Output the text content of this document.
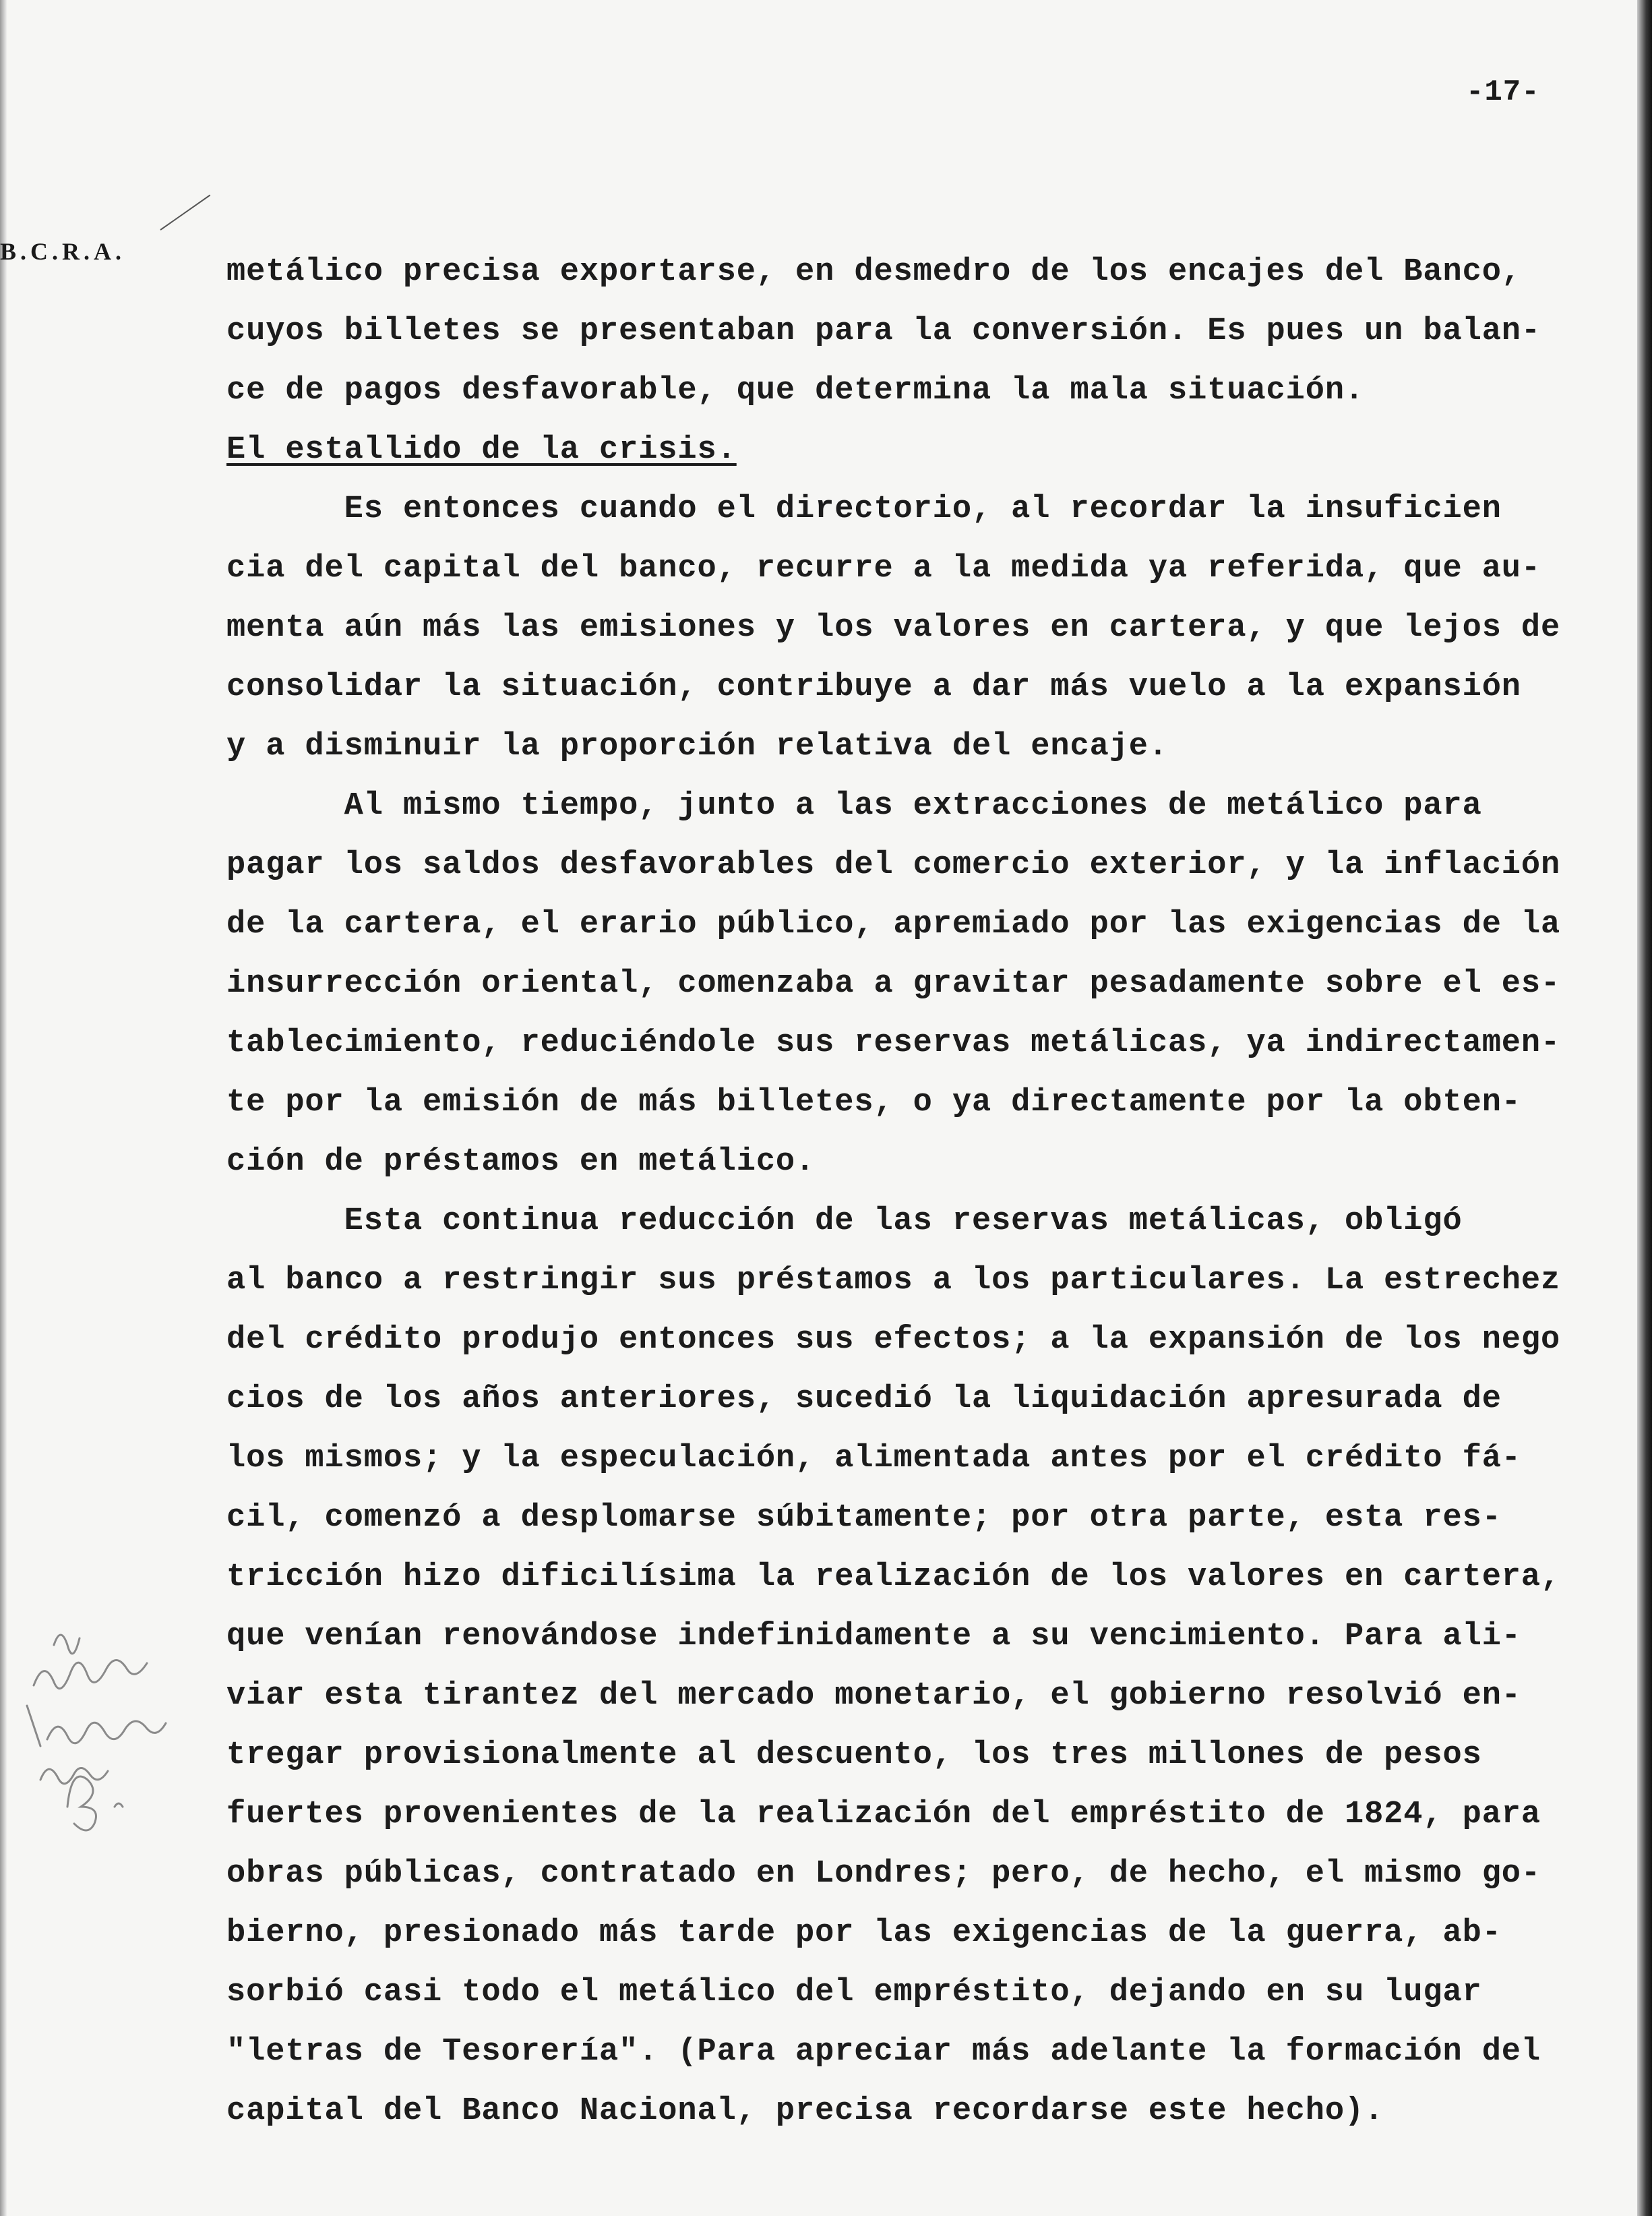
-17-
B.C.R.A.
metálico precisa exportarse, en desmedro de los encajes del Banco,
cuyos billetes se presentaban para la conversión. Es pues un balan-
ce de pagos desfavorable, que determina la mala situación.
El estallido de la crisis.
Es entonces cuando el directorio, al recordar la insuficien
cia del capital del banco, recurre a la medida ya referida, que au-
menta aún más las emisiones y los valores en cartera, y que lejos de
consolidar la situación, contribuye a dar más vuelo a la expansión
y a disminuir la proporción relativa del encaje.
Al mismo tiempo, junto a las extracciones de metálico para
pagar los saldos desfavorables del comercio exterior, y la inflación
de la cartera, el erario público, apremiado por las exigencias de la
insurrección oriental, comenzaba a gravitar pesadamente sobre el es-
tablecimiento, reduciéndole sus reservas metálicas, ya indirectamen-
te por la emisión de más billetes, o ya directamente por la obten-
ción de préstamos en metálico.
Esta continua reducción de las reservas metálicas, obligó
al banco a restringir sus préstamos a los particulares. La estrechez
del crédito produjo entonces sus efectos; a la expansión de los nego
cios de los años anteriores, sucedió la liquidación apresurada de
los mismos; y la especulación, alimentada antes por el crédito fá-
cil, comenzó a desplomarse súbitamente; por otra parte, esta res-
tricción hizo dificilísima la realización de los valores en cartera,
que venían renovándose indefinidamente a su vencimiento. Para ali-
viar esta tirantez del mercado monetario, el gobierno resolvió en-
tregar provisionalmente al descuento, los tres millones de pesos
fuertes provenientes de la realización del empréstito de 1824, para
obras públicas, contratado en Londres; pero, de hecho, el mismo go-
bierno, presionado más tarde por las exigencias de la guerra, ab-
sorbió casi todo el metálico del empréstito, dejando en su lugar
"letras de Tesorería". (Para apreciar más adelante la formación del
capital del Banco Nacional, precisa recordarse este hecho).
